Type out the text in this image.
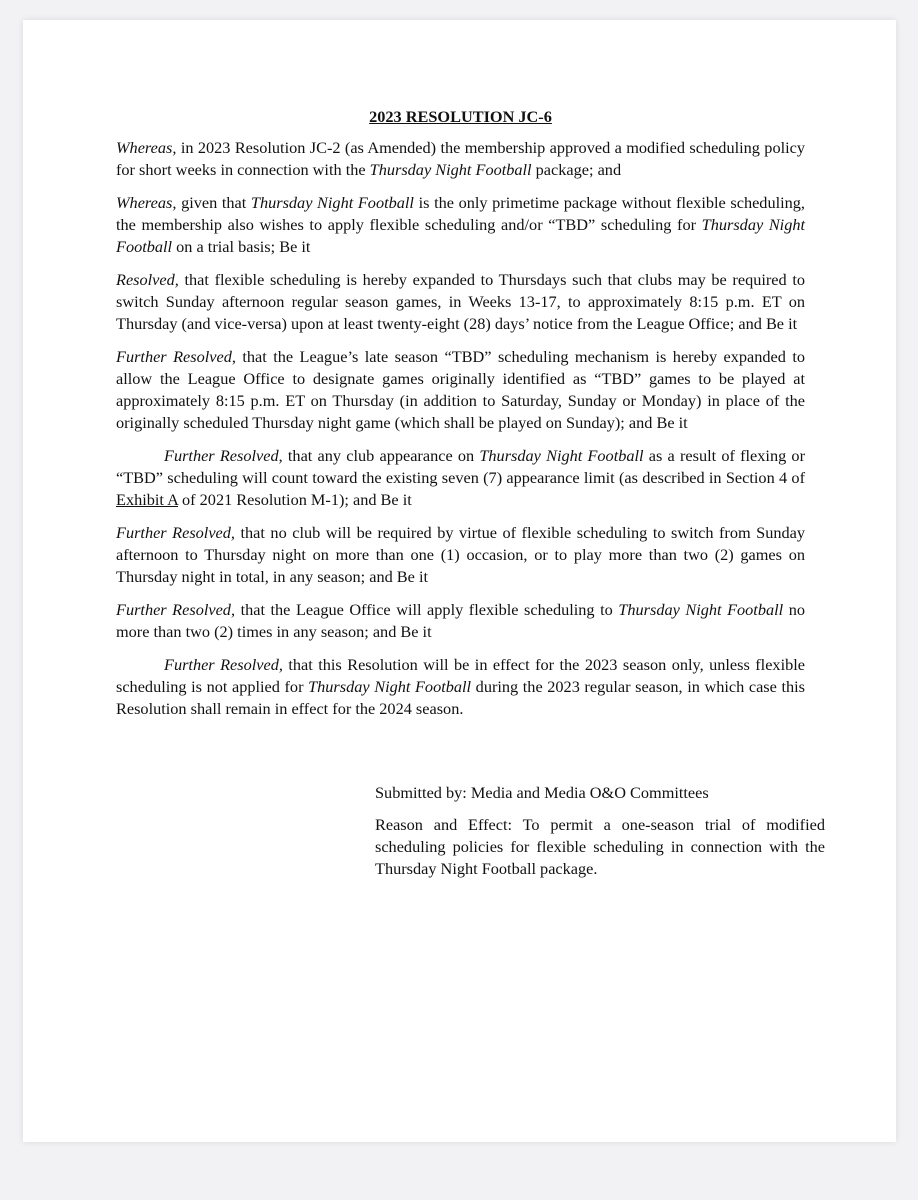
2023 RESOLUTION JC-6

Whereas, in 2023 Resolution JC-2 (as Amended) the membership approved a modified scheduling policy for short weeks in connection with the Thursday Night Football package; and

Whereas, given that Thursday Night Football is the only primetime package without flexible scheduling, the membership also wishes to apply flexible scheduling and/or “TBD” scheduling for Thursday Night Football on a trial basis; Be it

Resolved, that flexible scheduling is hereby expanded to Thursdays such that clubs may be required to switch Sunday afternoon regular season games, in Weeks 13-17, to approximately 8:15 p.m. ET on Thursday (and vice-versa) upon at least twenty-eight (28) days’ notice from the League Office; and Be it

Further Resolved, that the League’s late season “TBD” scheduling mechanism is hereby expanded to allow the League Office to designate games originally identified as “TBD” games to be played at approximately 8:15 p.m. ET on Thursday (in addition to Saturday, Sunday or Monday) in place of the originally scheduled Thursday night game (which shall be played on Sunday); and Be it

Further Resolved, that any club appearance on Thursday Night Football as a result of flexing or “TBD” scheduling will count toward the existing seven (7) appearance limit (as described in Section 4 of Exhibit A of 2021 Resolution M-1); and Be it

Further Resolved, that no club will be required by virtue of flexible scheduling to switch from Sunday afternoon to Thursday night on more than one (1) occasion, or to play more than two (2) games on Thursday night in total, in any season; and Be it

Further Resolved, that the League Office will apply flexible scheduling to Thursday Night Football no more than two (2) times in any season; and Be it

Further Resolved, that this Resolution will be in effect for the 2023 season only, unless flexible scheduling is not applied for Thursday Night Football during the 2023 regular season, in which case this Resolution shall remain in effect for the 2024 season.

Submitted by: Media and Media O&O Committees
Reason and Effect: To permit a one-season trial of modified scheduling policies for flexible scheduling in connection with the Thursday Night Football package.
